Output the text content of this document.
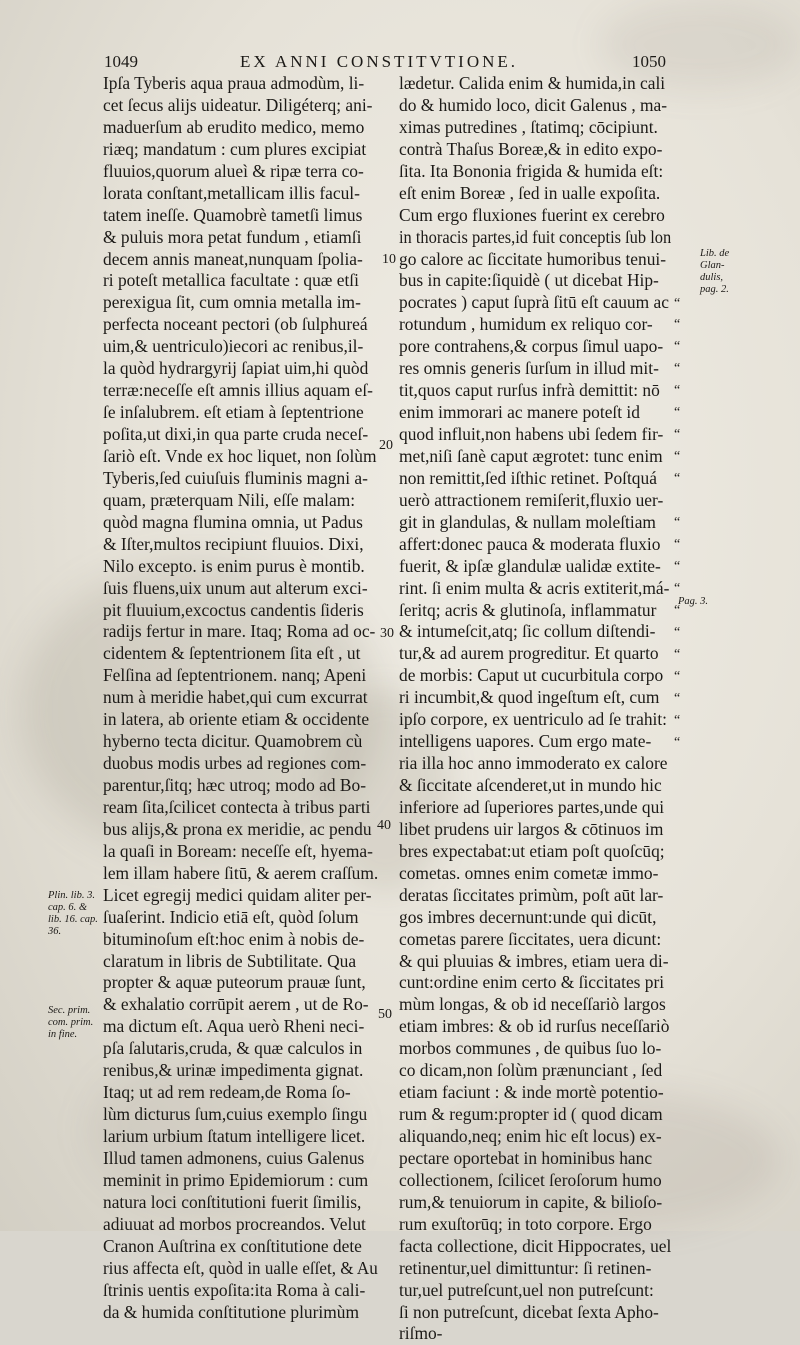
1049	EX ANNI CONSTITVTIONE.	1050
Ipſa Tyberis aqua praua admodùm, li-
cet ſecus alijs uideatur. Diligéterq; ani-
maduerſum ab erudito medico, memo
riæq; mandatum : cum plures excipiat
fluuios,quorum alueì & ripæ terra co-
lorata conſtant,metallicam illis facul-
tatem ineſſe. Quamobrè tametſi limus
& puluis mora petat fundum , etiamſi
decem annis maneat,nunquam ſpolia-
ri poteſt metallica facultate : quæ etſi
perexigua ſit, cum omnia metalla im-
perfecta noceant pectori (ob ſulphureá
uim,& uentriculo)iecori ac renibus,il-
la quòd hydrargyrij ſapiat uim,hi quòd
terræ:neceſſe eſt amnis illius aquam eſ-
ſe inſalubrem. eſt etiam à ſeptentrione
poſita,ut dixi,in qua parte cruda neceſ-
ſariò eſt. Vnde ex hoc liquet, non ſolùm
Tyberis,ſed cuiuſuis fluminis magni a-
quam, præterquam Nili, eſſe malam:
quòd magna flumina omnia, ut Padus
& Iſter,multos recipiunt fluuios. Dixi,
Nilo excepto. is enim purus è montib.
ſuis fluens,uix unum aut alterum exci-
pit fluuium,excoctus candentis ſideris
radijs fertur in mare. Itaq; Roma ad oc-
cidentem & ſeptentrionem ſita eſt , ut
Felſina ad ſeptentrionem. nanq; Apeni
num à meridie habet,qui cum excurrat
in latera, ab oriente etiam & occidente
hyberno tecta dicitur. Quamobrem cù
duobus modis urbes ad regiones com-
parentur,ſitq; hæc utroq; modo ad Bo-
ream ſita,ſcilicet contecta à tribus parti
bus alijs,& prona ex meridie, ac pendu
la quaſi in Boream: neceſſe eſt, hyema-
lem illam habere ſitū, & aerem craſſum.
Licet egregij medici quidam aliter per-
ſuaſerint. Indicio etiā eſt, quòd ſolum
bituminoſum eſt:hoc enim à nobis de-
claratum in libris de Subtilitate. Qua
propter & aquæ puteorum prauæ ſunt,
& exhalatio corrūpit aerem , ut de Ro-
ma dictum eſt. Aqua uerò Rheni neci-
pſa ſalutaris,cruda, & quæ calculos in
renibus,& urinæ impedimenta gignat.
Itaq; ut ad rem redeam,de Roma ſo-
lùm dicturus ſum,cuius exemplo ſingu
larium urbium ſtatum intelligere licet.
Illud tamen admonens, cuius Galenus
meminit in primo Epidemiorum : cum
natura loci conſtitutioni fuerit ſimilis,
adiuuat ad morbos procreandos. Velut
Cranon Auſtrina ex conſtitutione dete
rius affecta eſt, quòd in ualle eſſet, & Au
ſtrinis uentis expoſita:ita Roma à cali-
da & humida conſtitutione plurimùm
lædetur. Calida enim & humida,in cali
do & humido loco, dicit Galenus , ma-
ximas putredines , ſtatimq; cōcipiunt.
contrà Thaſus Boreæ,& in edito expo-
ſita. Ita Bononia frigida & humida eſt:
eſt enim Boreæ , ſed in ualle expoſita.
Cum ergo fluxiones fuerint ex cerebro
in thoracis partes,id fuit conceptis ſub lon
go calore ac ſiccitate humoribus tenui-
bus in capite:ſiquidè ( ut dicebat Hip-
pocrates ) caput ſuprà ſitū eſt cauum ac
rotundum , humidum ex reliquo cor-
pore contrahens,& corpus ſimul uapo-
res omnis generis ſurſum in illud mit-
tit,quos caput rurſus infrà demittit: nō
enim immorari ac manere poteſt id
quod influit,non habens ubi ſedem fir-
met,niſi ſanè caput ægrotet: tunc enim
non remittit,ſed iſthic retinet. Poſtquá
uerò attractionem remiſerit,fluxio uer-
git in glandulas, & nullam moleſtiam
affert:donec pauca & moderata fluxio
fuerit, & ipſæ glandulæ ualidæ extite-
rint. ſi enim multa & acris extiterit,má-
ſeritq; acris & glutinoſa, inflammatur
& intumeſcit,atq; ſic collum diſtendi-
tur,& ad aurem progreditur. Et quarto
de morbis: Caput ut cucurbitula corpo
ri incumbit,& quod ingeſtum eſt, cum
ipſo corpore, ex uentriculo ad ſe trahit:
intelligens uapores. Cum ergo mate-
ria illa hoc anno immoderato ex calore
& ſiccitate aſcenderet,ut in mundo hic
inferiore ad ſuperiores partes,unde qui
libet prudens uir largos & cōtinuos im
bres expectabat:ut etiam poſt quoſcūq;
cometas. omnes enim cometæ immo-
deratas ſiccitates primùm, poſt aūt lar-
gos imbres decernunt:unde qui dicūt,
cometas parere ſiccitates, uera dicunt:
& qui pluuias & imbres, etiam uera di-
cunt:ordine enim certo & ſiccitates pri
mùm longas, & ob id neceſſariò largos
etiam imbres: & ob id rurſus neceſſariò
morbos communes , de quibus ſuo lo-
co dicam,non ſolùm prænunciant , ſed
etiam faciunt : & inde mortè potentio-
rum & regum:propter id ( quod dicam
aliquando,neq; enim hic eſt locus) ex-
pectare oportebat in hominibus hanc
collectionem, ſcilicet ſeroſorum humo
rum,& tenuiorum in capite, & bilioſo-
rum exuſtorūq; in toto corpore. Ergo
facta collectione, dicit Hippocrates, uel
retinentur,uel dimittuntur: ſi retinen-
tur,uel putreſcunt,uel non putreſcunt:
ſi non putreſcunt, dicebat ſexta Apho-
riſmo-
10
20
30
40
50
“
“
“
“
“
“
“
“
“
“
“
“
“
“
“
“
“
“
“
“
Lib. de
Glan-
dulis,
pag. 2.
Pag. 3.
Plin. lib. 3.
cap. 6. &
lib. 16. cap.
36.
Sec. prim.
com. prim.
in fine.
